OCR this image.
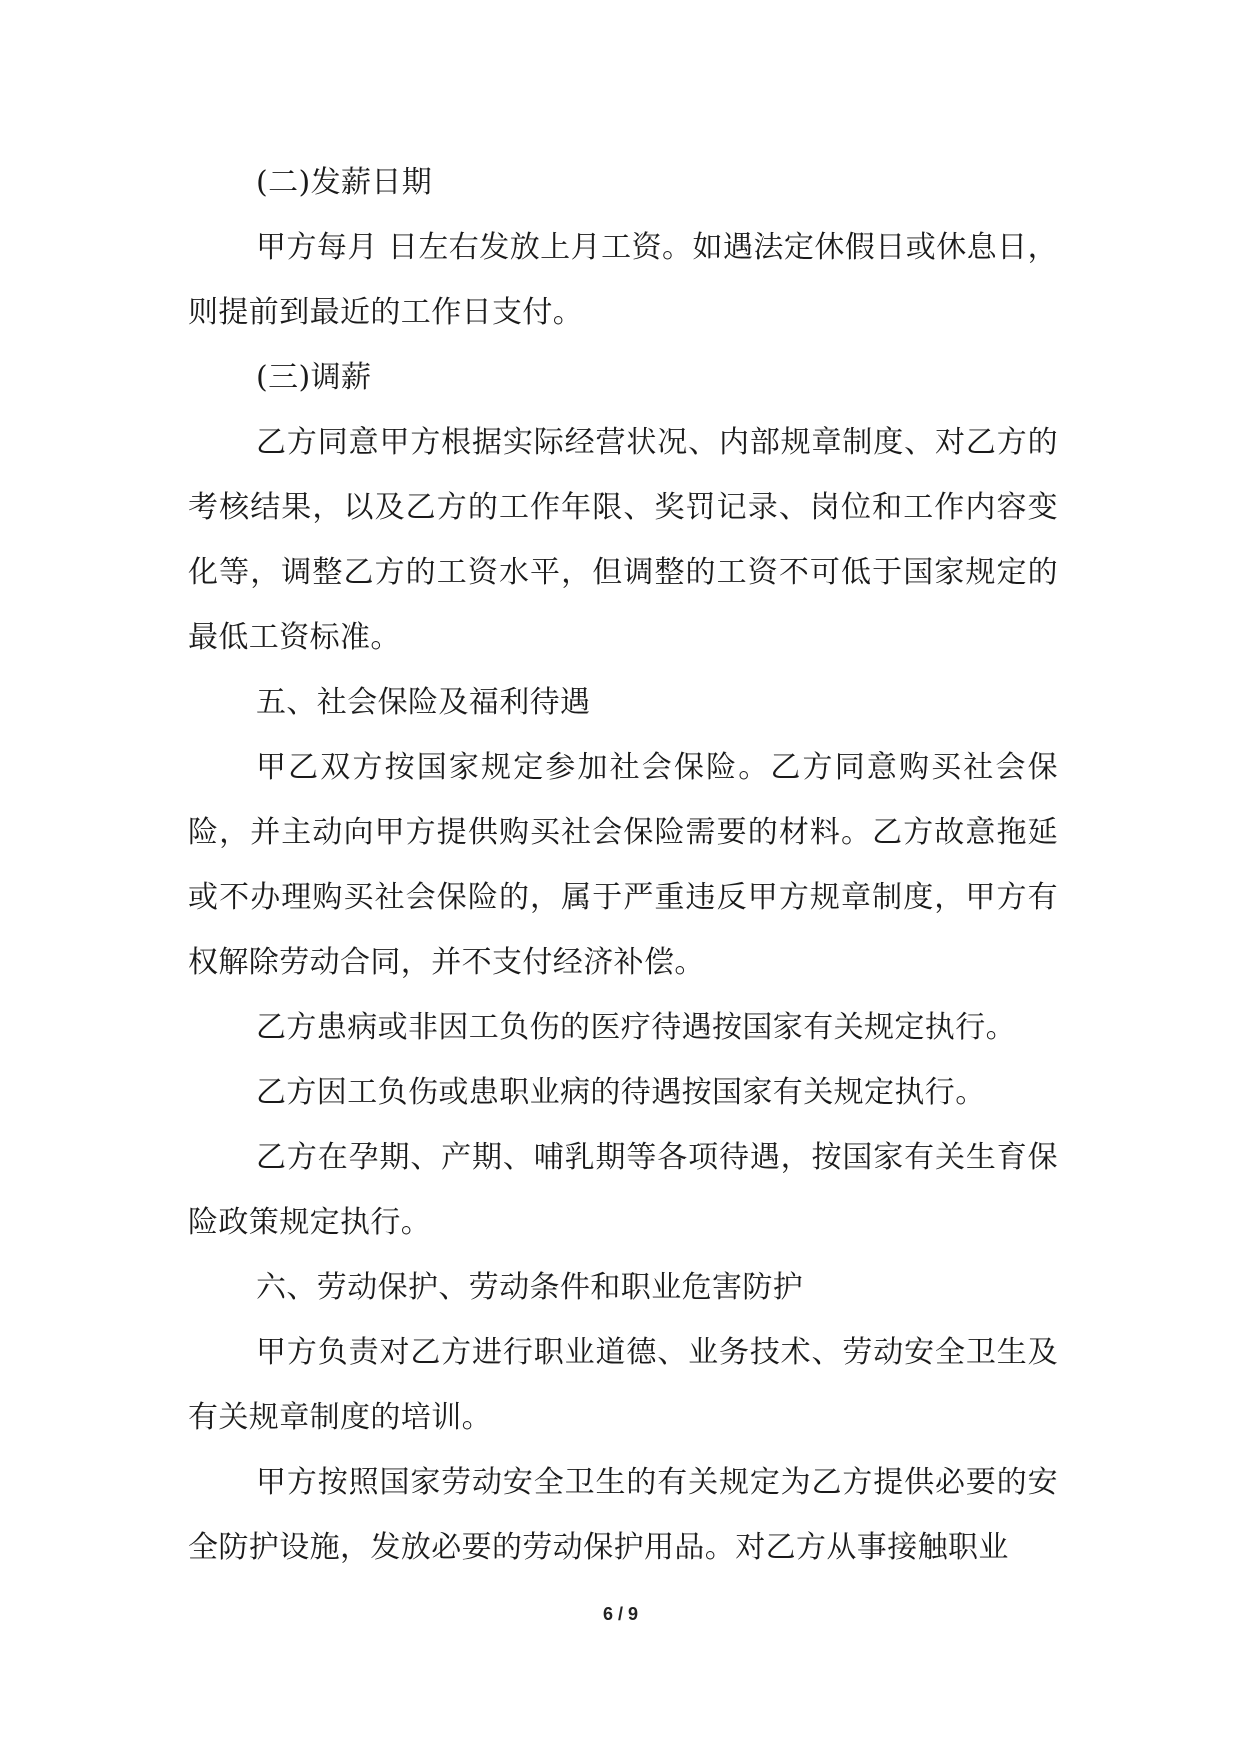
(二)发薪日期

甲方每月 日左右发放上月工资。如遇法定休假日或休息日，则提前到最近的工作日支付。

(三)调薪

乙方同意甲方根据实际经营状况、内部规章制度、对乙方的考核结果，以及乙方的工作年限、奖罚记录、岗位和工作内容变化等，调整乙方的工资水平，但调整的工资不可低于国家规定的最低工资标准。

五、社会保险及福利待遇

甲乙双方按国家规定参加社会保险。乙方同意购买社会保险，并主动向甲方提供购买社会保险需要的材料。乙方故意拖延或不办理购买社会保险的，属于严重违反甲方规章制度，甲方有权解除劳动合同，并不支付经济补偿。

乙方患病或非因工负伤的医疗待遇按国家有关规定执行。

乙方因工负伤或患职业病的待遇按国家有关规定执行。

乙方在孕期、产期、哺乳期等各项待遇，按国家有关生育保险政策规定执行。

六、劳动保护、劳动条件和职业危害防护

甲方负责对乙方进行职业道德、业务技术、劳动安全卫生及有关规章制度的培训。

甲方按照国家劳动安全卫生的有关规定为乙方提供必要的安全防护设施，发放必要的劳动保护用品。对乙方从事接触职业

6 / 9
